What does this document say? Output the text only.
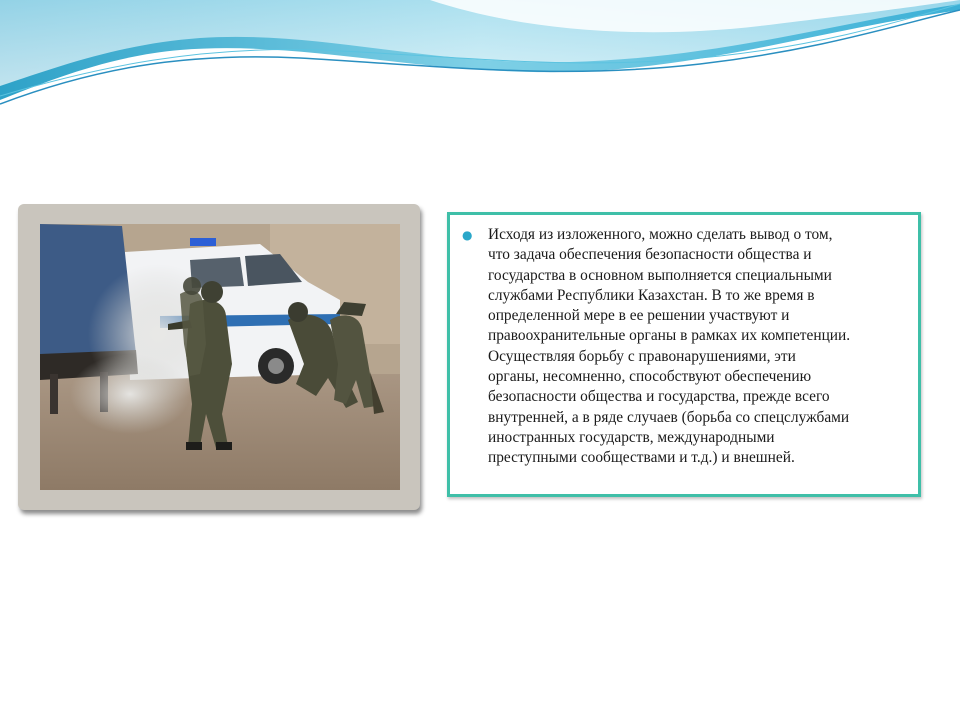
●	Исходя из изложенного, можно сделать вывод о том,
что задача обеспечения безопасности общества и
государства в основном выполняется специальными
службами Республики Казахстан. В то же время в
определенной мере в ее решении участвуют и
правоохранительные органы в рамках их компетенции.
Осуществляя борьбу с правонарушениями, эти
органы, несомненно, способствуют обеспечению
безопасности общества и государства, прежде всего
внутренней, а в ряде случаев (борьба со спецслужбами
иностранных государств, международными
преступными сообществами и т.д.) и внешней.
